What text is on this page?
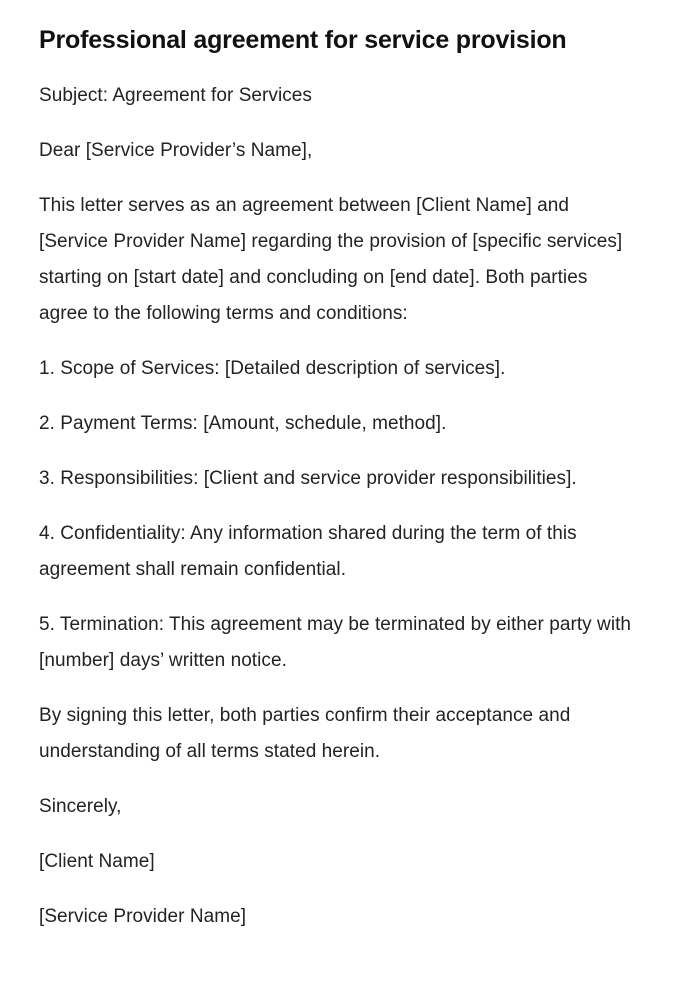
Professional agreement for service provision

Subject: Agreement for Services

Dear [Service Provider’s Name],

This letter serves as an agreement between [Client Name] and [Service Provider Name] regarding the provision of [specific services] starting on [start date] and concluding on [end date]. Both parties agree to the following terms and conditions:

1. Scope of Services: [Detailed description of services].

2. Payment Terms: [Amount, schedule, method].

3. Responsibilities: [Client and service provider responsibilities].

4. Confidentiality: Any information shared during the term of this agreement shall remain confidential.

5. Termination: This agreement may be terminated by either party with [number] days’ written notice.

By signing this letter, both parties confirm their acceptance and understanding of all terms stated herein.

Sincerely,

[Client Name]

[Service Provider Name]
